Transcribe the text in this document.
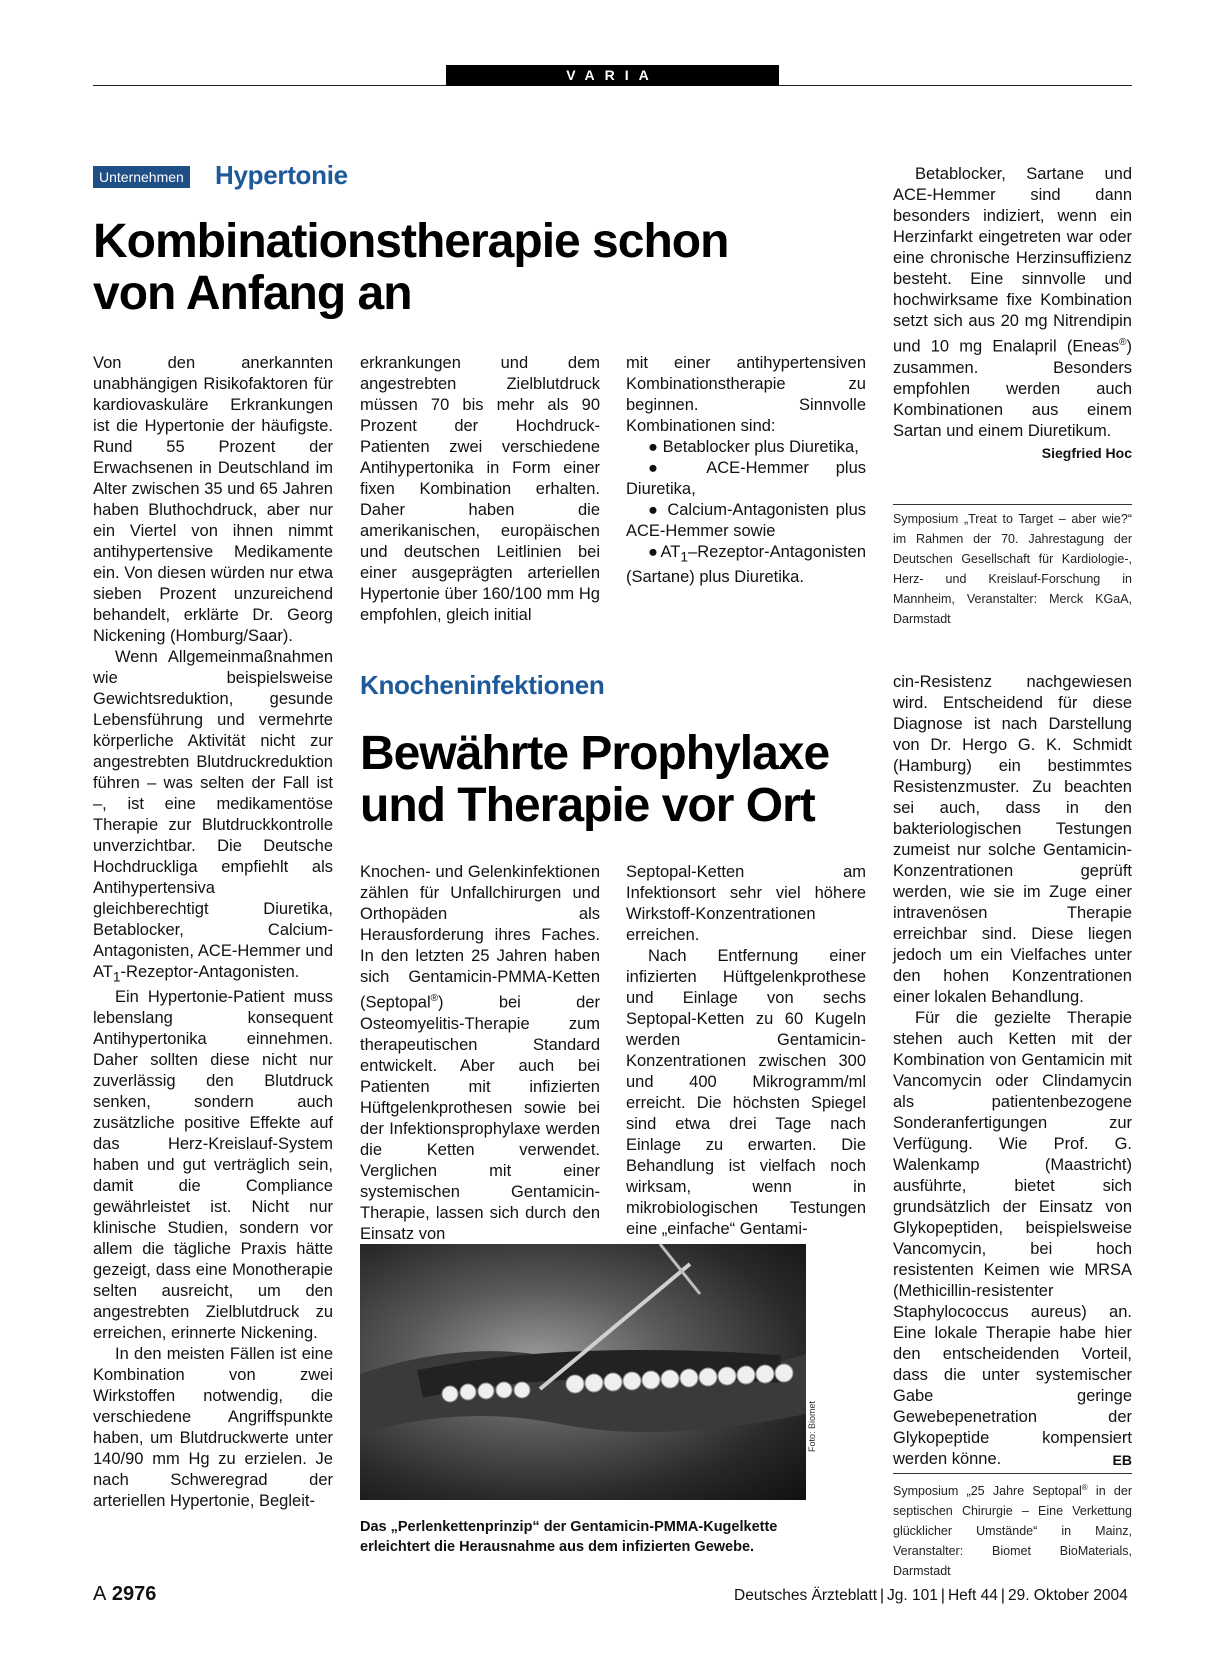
VARIA
Unternehmen Hypertonie
Kombinationstherapie schon
von Anfang an

Von den anerkannten unabhängigen Risikofaktoren für kardiovaskuläre Erkrankungen ist die Hypertonie der häufigste. Rund 55 Prozent der Erwachsenen in Deutschland im Alter zwischen 35 und 65 Jahren haben Bluthochdruck, aber nur ein Viertel von ihnen nimmt antihypertensive Medikamente ein. Von diesen würden nur etwa sieben Prozent unzureichend behandelt, erklärte Dr. Georg Nickening (Homburg/Saar).

Wenn Allgemeinmaßnahmen wie beispielsweise Gewichtsreduktion, gesunde Lebensführung und vermehrte körperliche Aktivität nicht zur angestrebten Blutdruckreduktion führen – was selten der Fall ist –, ist eine medikamentöse Therapie zur Blutdruckkontrolle unverzichtbar. Die Deutsche Hochdruckliga empfiehlt als Antihypertensiva gleichberechtigt Diuretika, Betablocker, Calcium-Antagonisten, ACE-Hemmer und $AT_1-Rezeptor$-Antagonisten.

Ein Hypertonie-Patient muss lebenslang konsequent Antihypertonika einnehmen. Daher sollten diese nicht nur zuverlässig den Blutdruck senken, sondern auch zusätzliche positive Effekte auf das Herz-Kreislauf-System haben und gut verträglich sein, damit die Compliance gewährleistet ist. Nicht nur klinische Studien, sondern vor allem die tägliche Praxis hätte gezeigt, dass eine Monotherapie selten ausreicht, um den angestrebten Zielblutdruck zu erreichen, erinnerte Nickening.

In den meisten Fällen ist eine Kombination von zwei Wirkstoffen notwendig, die verschiedene Angriffspunkte haben, um Blutdruckwerte unter 140/90 mm Hg zu erzielen. Je nach Schweregrad der arteriellen Hypertonie, Begleit-

erkrankungen und dem angestrebten Zielblutdruck müssen 70 bis mehr als 90 Prozent der Hochdruck-Patienten zwei verschiedene Antihypertonika in Form einer fixen Kombination erhalten. Daher haben die amerikanischen, europäischen und deutschen Leitlinien bei einer ausgeprägten arteriellen Hypertonie über 160/100 mm Hg empfohlen, gleich initial

mit einer antihypertensiven Kombinationstherapie zu beginnen. Sinnvolle Kombinationen sind:

● Betablocker plus Diuretika,

● ACE-Hemmer plus Diuretika,

● Calcium-Antagonisten plus ACE-Hemmer sowie

$●AT_1-Rezeptor$-Antagonisten (Sartane) plus Diuretika.

Betablocker, Sartane und ACE-Hemmer sind dann besonders indiziert, wenn ein Herzinfarkt eingetreten war oder eine chronische Herzinsuffizienz besteht. Eine sinnvolle und hochwirksame fixe Kombination setzt sich aus 20 mg Nitrendipin und 10 mg Enalapril (Eneas®) zusammen. Besonders empfohlen werden auch Kombinationen aus einem Sartan und einem Diuretikum.
Siegfried Hoc

Symposium „Treat to Target – aber wie?“ im Rahmen der 70. Jahrestagung der Deutschen Gesellschaft für Kardiologie-, Herz- und Kreislauf-Forschung in Mannheim, Veranstalter: Merck KGaA, Darmstadt
Knocheninfektionen
Bewährte Prophylaxe
und Therapie vor Ort

Knochen- und Gelenkinfektionen zählen für Unfallchirurgen und Orthopäden als Herausforderung ihres Faches. In den letzten 25 Jahren haben sich Gentamicin-PMMA-Ketten (Septopal®) bei der Osteomyelitis-Therapie zum therapeutischen Standard entwickelt. Aber auch bei Patienten mit infizierten Hüftgelenkprothesen sowie bei der Infektionsprophylaxe werden die Ketten verwendet. Verglichen mit einer systemischen Gentamicin-Therapie, lassen sich durch den Einsatz von

Septopal-Ketten am Infektionsort sehr viel höhere Wirkstoff-Konzentrationen erreichen.

Nach Entfernung einer infizierten Hüftgelenkprothese und Einlage von sechs Septopal-Ketten zu 60 Kugeln werden Gentamicin-Konzentrationen zwischen 300 und 400 Mikrogramm/ml erreicht. Die höchsten Spiegel sind etwa drei Tage nach Einlage zu erwarten. Die Behandlung ist vielfach noch wirksam, wenn in mikrobiologischen Testungen eine „einfache“ Gentami-

cin-Resistenz nachgewiesen wird. Entscheidend für diese Diagnose ist nach Darstellung von Dr. Hergo G. K. Schmidt (Hamburg) ein bestimmtes Resistenzmuster. Zu beachten sei auch, dass in den bakteriologischen Testungen zumeist nur solche Gentamicin-Konzentrationen geprüft werden, wie sie im Zuge einer intravenösen Therapie erreichbar sind. Diese liegen jedoch um ein Vielfaches unter den hohen Konzentrationen einer lokalen Behandlung.

Für die gezielte Therapie stehen auch Ketten mit der Kombination von Gentamicin mit Vancomycin oder Clindamycin als patientenbezogene Sonderanfertigungen zur Verfügung. Wie Prof. G. Walenkamp (Maastricht) ausführte, bietet sich grundsätzlich der Einsatz von Glykopeptiden, beispielsweise Vancomycin, bei hoch resistenten Keimen wie MRSA (Methicillin-resistenter Staphylococcus aureus) an. Eine lokale Therapie habe hier den entscheidenden Vorteil, dass die unter systemischer Gabe geringe Gewebepenetration der Glykopeptide kompensiert werden könne.	EB

Symposium „25 Jahre Septopal® in der septischen Chirurgie – Eine Verkettung glücklicher Umstände“ in Mainz, Veranstalter: Biomet BioMaterials, Darmstadt
Foto: Biomet
Das „Perlenkettenprinzip“ der Gentamicin-PMMA-Kugelkette erleichtert die Herausnahme aus dem infizierten Gewebe.
A 2976	Deutsches Ärzteblatt | Jg. 101 | Heft 44 | 29. Oktober 2004
